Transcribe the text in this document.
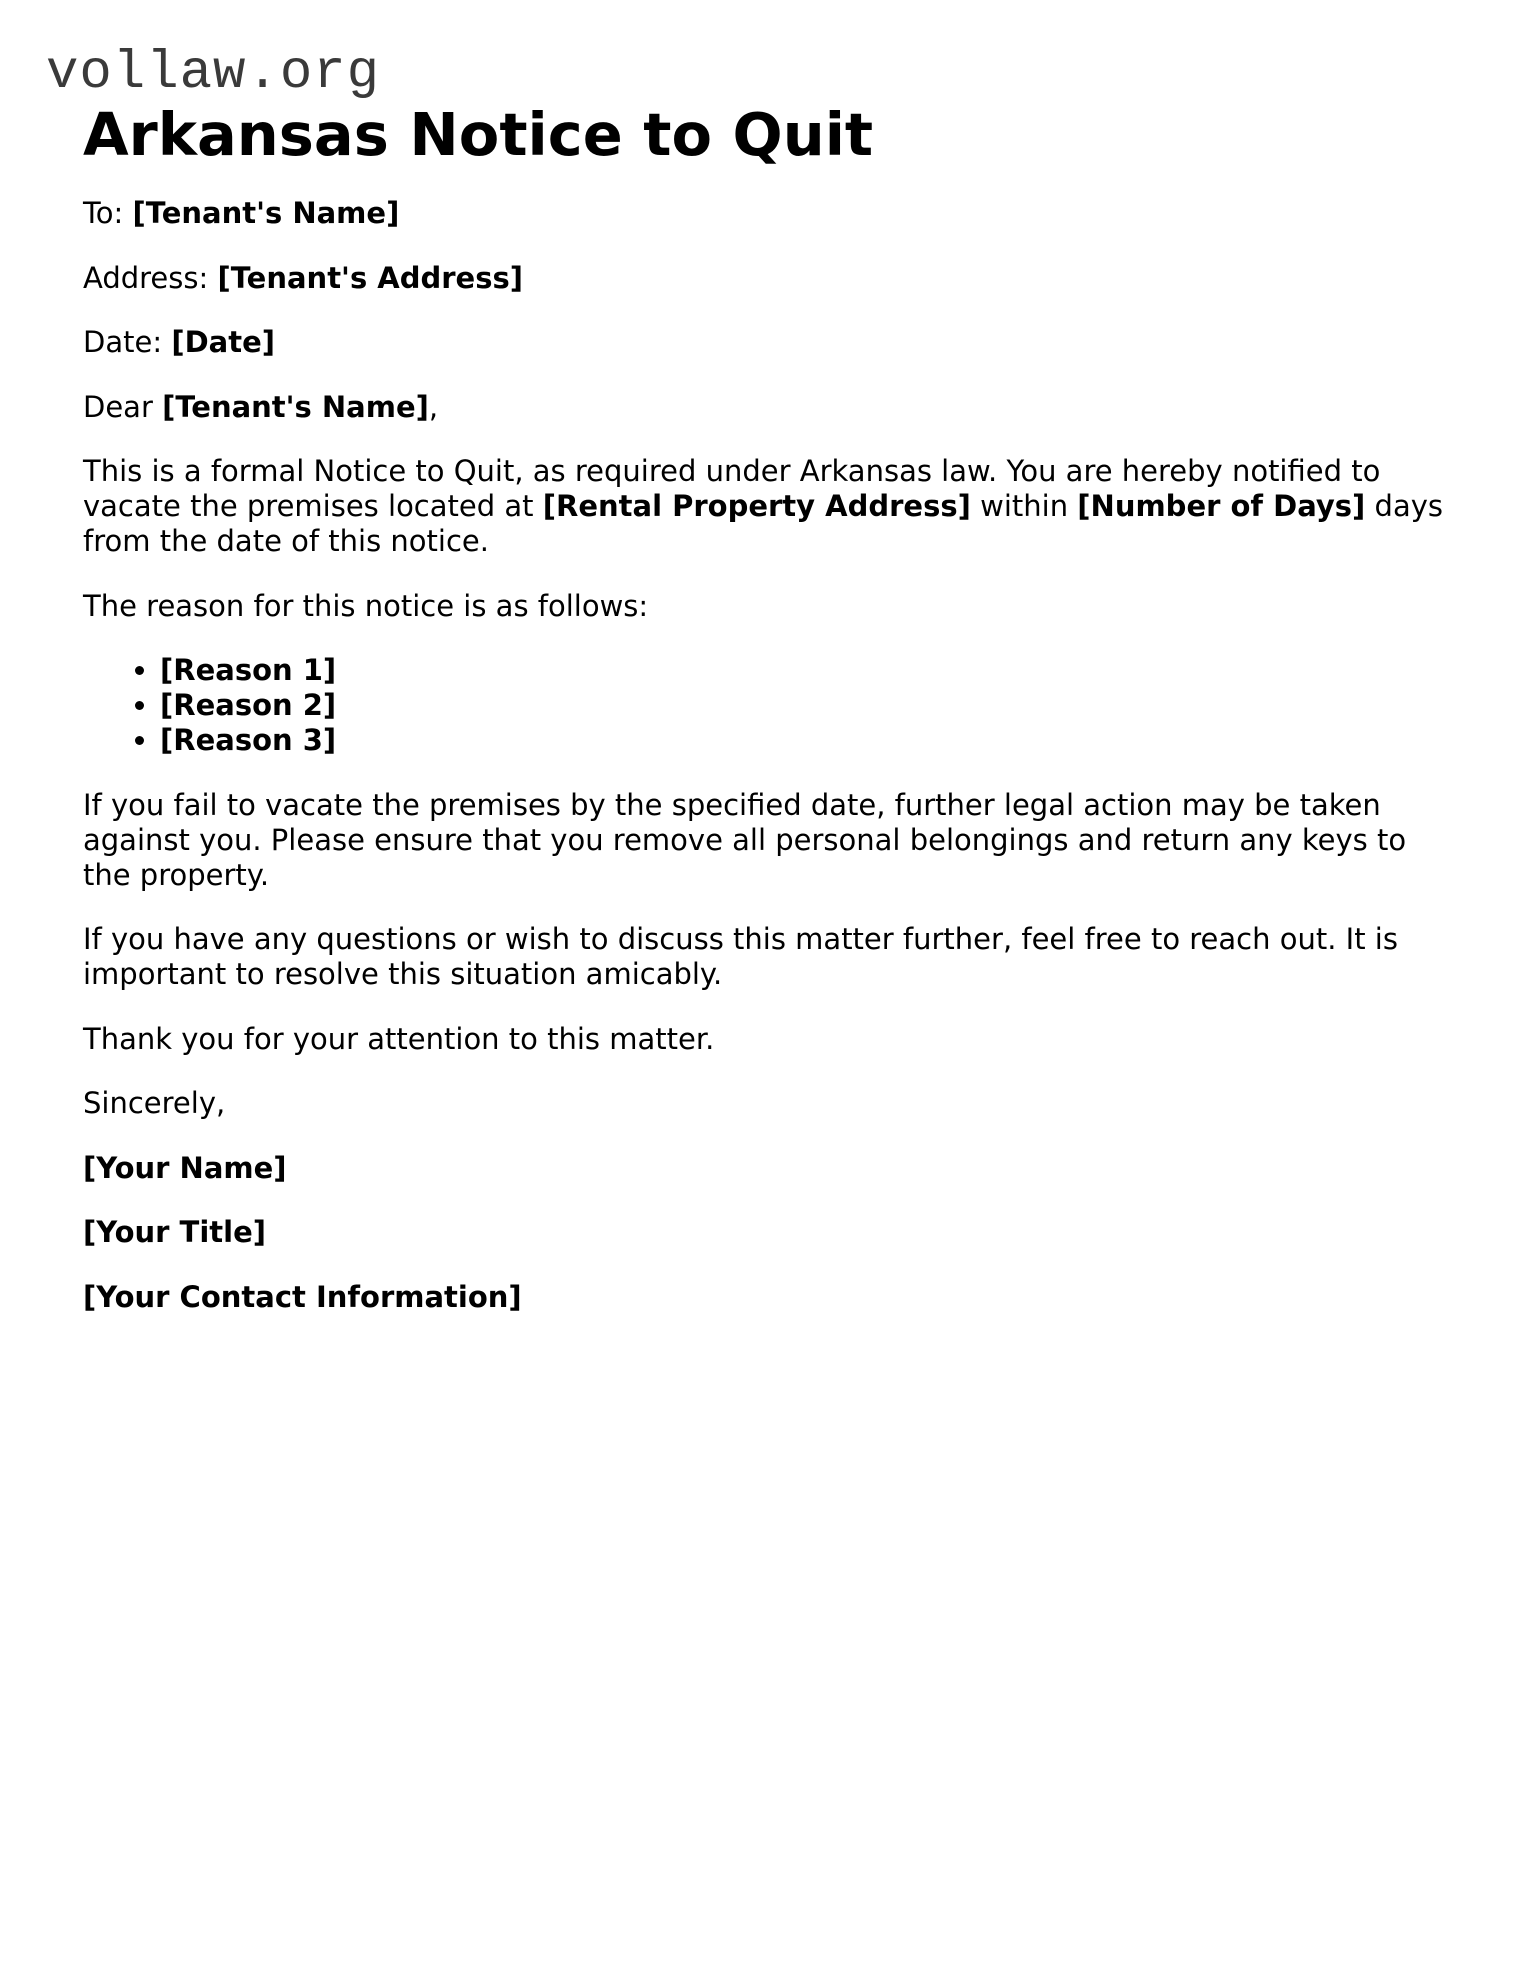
vollaw.org
Arkansas Notice to Quit

To: [Tenant's Name]

Address: [Tenant's Address]

Date: [Date]

Dear [Tenant's Name],

This is a formal Notice to Quit, as required under Arkansas law. You are hereby notified to vacate the premises located at [Rental Property Address] within [Number of Days] days from the date of this notice.

The reason for this notice is as follows:

• [Reason 1]
• [Reason 2]
• [Reason 3]

If you fail to vacate the premises by the specified date, further legal action may be taken against you. Please ensure that you remove all personal belongings and return any keys to the property.

If you have any questions or wish to discuss this matter further, feel free to reach out. It is important to resolve this situation amicably.

Thank you for your attention to this matter.

Sincerely,

[Your Name]

[Your Title]

[Your Contact Information]
